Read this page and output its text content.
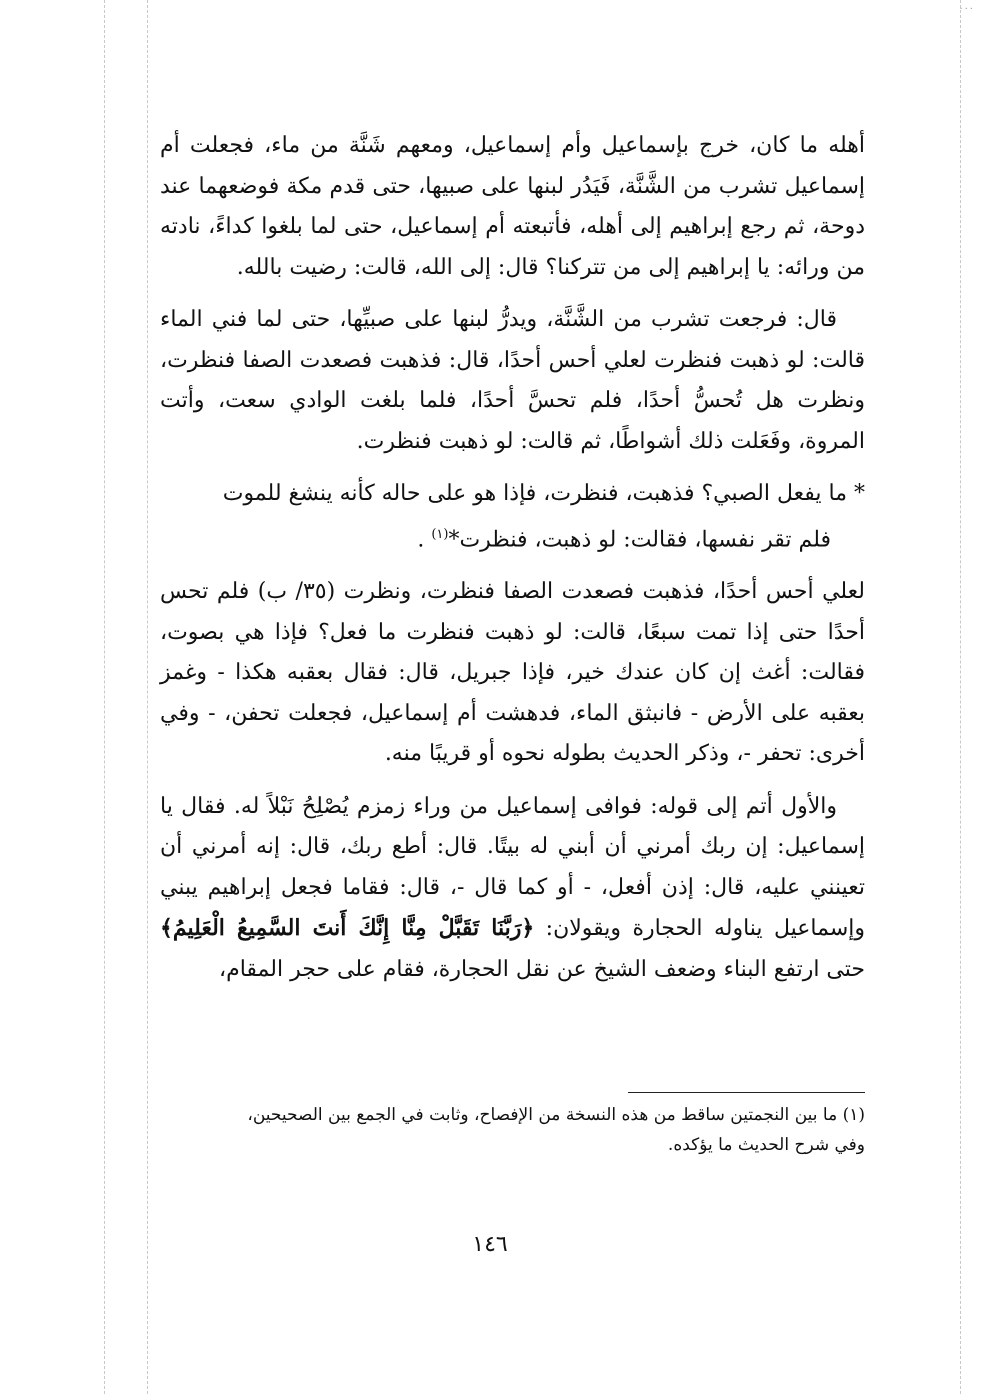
···

أهله ما كان، خرج بإسماعيل وأم إسماعيل، ومعهم شَنَّة من ماء، فجعلت أم إسماعيل تشرب من الشَّنَّة، فَيَدُر لبنها على صبيها، حتى قدم مكة فوضعهما عند دوحة، ثم رجع إبراهيم إلى أهله، فأتبعته أم إسماعيل، حتى لما بلغوا كداءً، نادته من ورائه: يا إبراهيم إلى من تتركنا؟ قال: إلى الله، قالت: رضيت بالله.

قال: فرجعت تشرب من الشَّنَّة، ويدرُّ لبنها على صبيِّها، حتى لما فني الماء قالت: لو ذهبت فنظرت لعلي أحس أحدًا، قال: فذهبت فصعدت الصفا فنظرت، ونظرت هل تُحسُّ أحدًا، فلم تحسَّ أحدًا، فلما بلغت الوادي سعت، وأتت المروة، وفَعَلت ذلك أشواطًا، ثم قالت: لو ذهبت فنظرت.

* ما يفعل الصبي؟ فذهبت، فنظرت، فإذا هو على حاله كأنه ينشغ للموت
فلم تقر نفسها، فقالت: لو ذهبت، فنظرت*$^{(١)}$ .

لعلي أحس أحدًا، فذهبت فصعدت الصفا فنظرت، ونظرت (٣٥/ ب) فلم تحس أحدًا حتى إذا تمت سبعًا، قالت: لو ذهبت فنظرت ما فعل؟ فإذا هي بصوت، فقالت: أغث إن كان عندك خير، فإذا جبريل، قال: فقال بعقبه هكذا - وغمز بعقبه على الأرض - فانبثق الماء، فدهشت أم إسماعيل، فجعلت تحفن، - وفي أخرى: تحفر -، وذكر الحديث بطوله نحوه أو قريبًا منه.

والأول أتم إلى قوله: فوافى إسماعيل من وراء زمزم يُصْلِحُ نَبْلاً له. فقال يا إسماعيل: إن ربك أمرني أن أبني له بيتًا. قال: أطع ربك، قال: إنه أمرني أن تعينني عليه، قال: إذن أفعل، - أو كما قال -، قال: فقاما فجعل إبراهيم يبني وإسماعيل يناوله الحجارة ويقولان: ﴿رَبَّنَا تَقَبَّلْ مِنَّا إِنَّكَ أَنتَ السَّمِيعُ الْعَلِيمُ﴾ حتى ارتفع البناء وضعف الشيخ عن نقل الحجارة، فقام على حجر المقام،

(١) ما بين النجمتين ساقط من هذه النسخة من الإفصاح، وثابت في الجمع بين الصحيحين،

وفي شرح الحديث ما يؤكده.

١٤٦
